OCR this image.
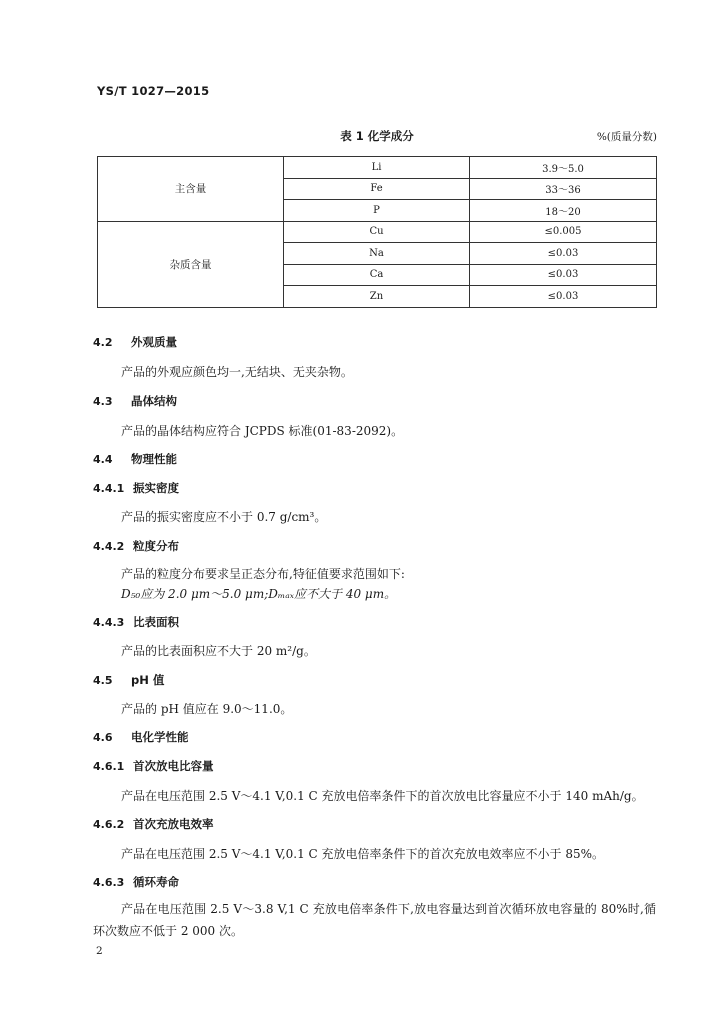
YS/T 1027—2015
表 1 化学成分	%(质量分数)
主含量	Li	3.9～5.0
	Fe	33～36
	P	18～20
杂质含量	Cu	≤0.005
	Na	≤0.03
	Ca	≤0.03
	Zn	≤0.03
4.2 外观质量
产品的外观应颜色均一,无结块、无夹杂物。
4.3 晶体结构
产品的晶体结构应符合 JCPDS 标准(01-83-2092)。
4.4 物理性能
4.4.1 振实密度
产品的振实密度应不小于 0.7 g/cm³。
4.4.2 粒度分布
产品的粒度分布要求呈正态分布,特征值要求范围如下:
D₅₀应为 2.0 μm～5.0 μm;Dₘₐₓ应不大于 40 μm。
4.4.3 比表面积
产品的比表面积应不大于 20 m²/g。
4.5 pH 值
产品的 pH 值应在 9.0～11.0。
4.6 电化学性能
4.6.1 首次放电比容量
产品在电压范围 2.5 V～4.1 V,0.1 C 充放电倍率条件下的首次放电比容量应不小于 140 mAh/g。
4.6.2 首次充放电效率
产品在电压范围 2.5 V～4.1 V,0.1 C 充放电倍率条件下的首次充放电效率应不小于 85%。
4.6.3 循环寿命
产品在电压范围 2.5 V～3.8 V,1 C 充放电倍率条件下,放电容量达到首次循环放电容量的 80%时,循环次数应不低于 2 000 次。
2
